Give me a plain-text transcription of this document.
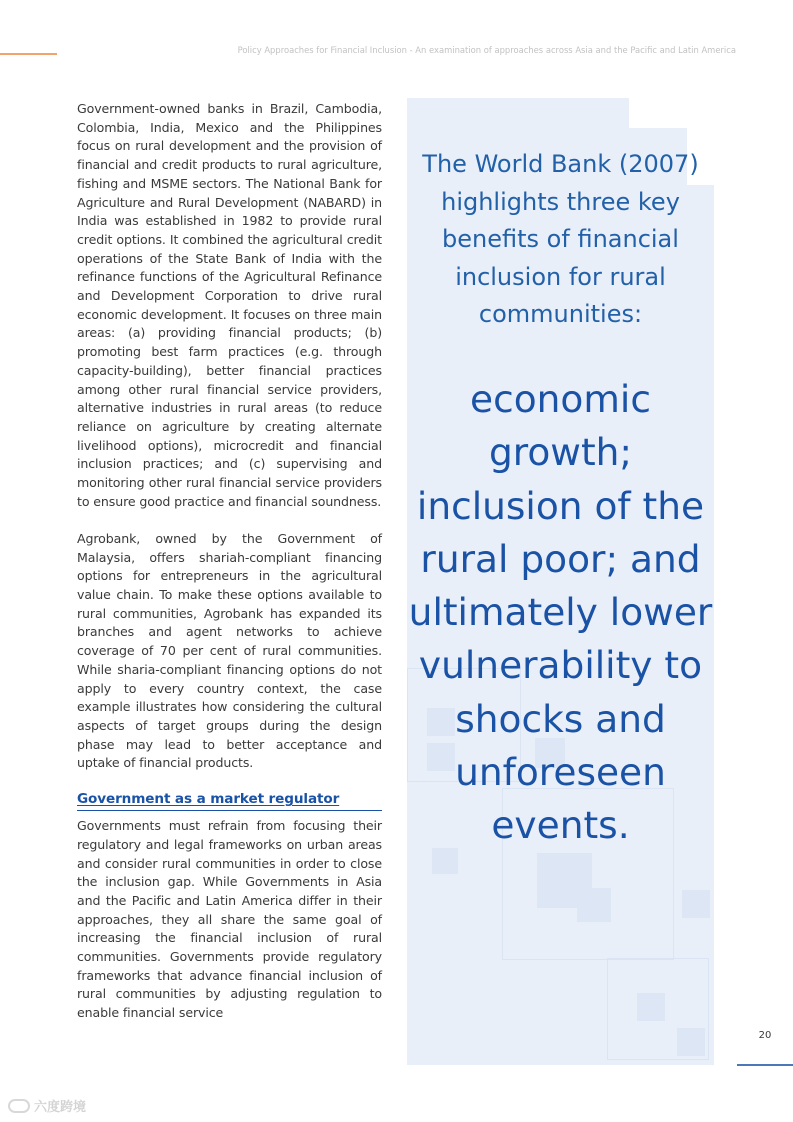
Policy Approaches for Financial Inclusion - An examination of approaches across Asia and the Pacific and Latin America

Government-owned banks in Brazil, Cambodia, Colombia, India, Mexico and the Philippines focus on rural development and the provision of financial and credit products to rural agriculture, fishing and MSME sectors. The National Bank for Agriculture and Rural Development (NABARD) in India was established in 1982 to provide rural credit options. It combined the agricultural credit operations of the State Bank of India with the refinance functions of the Agricultural Refinance and Development Corporation to drive rural economic development. It focuses on three main areas: (a) providing financial products; (b) promoting best farm practices (e.g. through capacity-building), better financial practices among other rural financial service providers, alternative industries in rural areas (to reduce reliance on agriculture by creating alternate livelihood options), microcredit and financial inclusion practices; and (c) supervising and monitoring other rural financial service providers to ensure good practice and financial soundness.

Agrobank, owned by the Government of Malaysia, offers shariah-compliant financing options for entrepreneurs in the agricultural value chain. To make these options available to rural communities, Agrobank has expanded its branches and agent networks to achieve coverage of 70 per cent of rural communities. While sharia-compliant financing options do not apply to every country context, the case example illustrates how considering the cultural aspects of target groups during the design phase may lead to better acceptance and uptake of financial products.

Government as a market regulator

Governments must refrain from focusing their regulatory and legal frameworks on urban areas and consider rural communities in order to close the inclusion gap. While Governments in Asia and the Pacific and Latin America differ in their approaches, they all share the same goal of increasing the financial inclusion of rural communities. Governments provide regulatory frameworks that advance financial inclusion of rural communities by adjusting regulation to enable financial service

The World Bank (2007) highlights three key benefits of financial inclusion for rural communities:
economic growth; inclusion of the rural poor; and ultimately lower vulnerability to shocks and unforeseen events.
20
六度跨境
